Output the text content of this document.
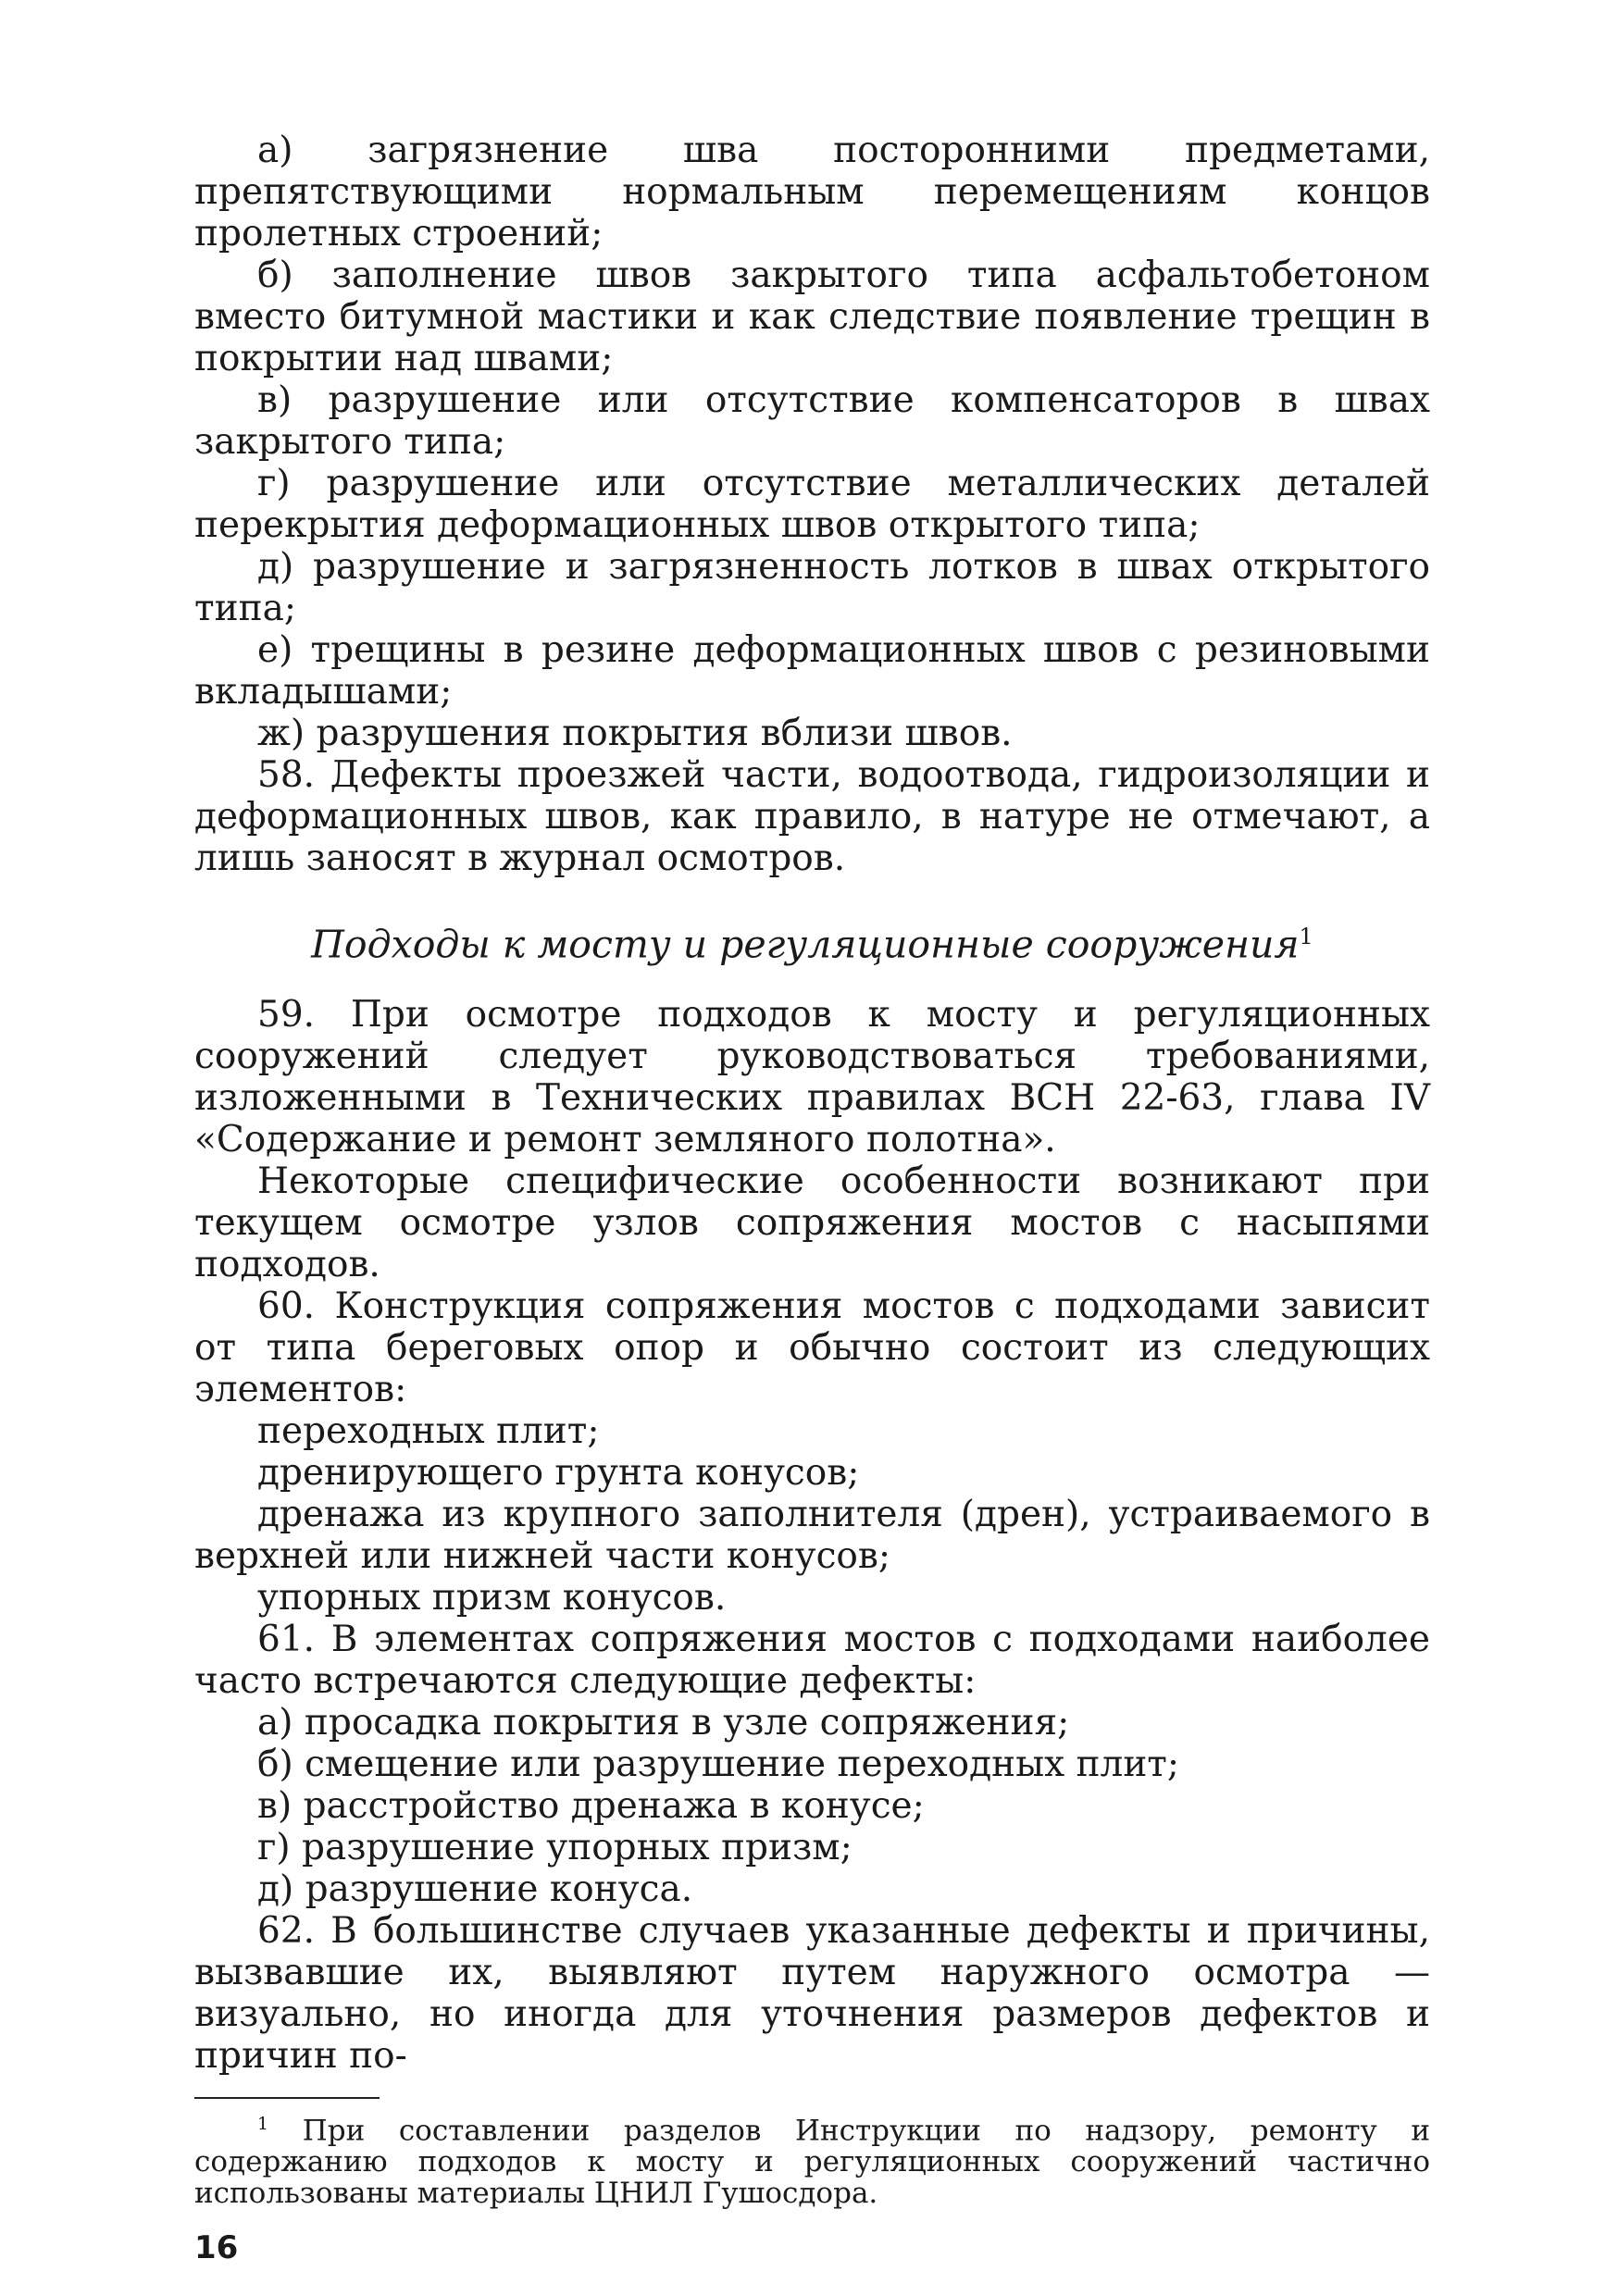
а) загрязнение шва посторонними предметами, препятствующими нормальным перемещениям концов пролетных строений;

б) заполнение швов закрытого типа асфальтобетоном вместо битумной мастики и как следствие появление трещин в покрытии над швами;

в) разрушение или отсутствие компенсаторов в швах закрытого типа;

г) разрушение или отсутствие металлических деталей перекрытия деформационных швов открытого типа;

д) разрушение и загрязненность лотков в швах открытого типа;

е) трещины в резине деформационных швов с резиновыми вкладышами;

ж) разрушения покрытия вблизи швов.

58. Дефекты проезжей части, водоотвода, гидроизоляции и деформационных швов, как правило, в натуре не отмечают, а лишь заносят в журнал осмотров.

Подходы к мосту и регуляционные сооружения$^1$

59. При осмотре подходов к мосту и регуляционных сооружений следует руководствоваться требованиями, изложенными в Технических правилах ВСН 22-63, глава IV «Содержание и ремонт земляного полотна».

Некоторые специфические особенности возникают при текущем осмотре узлов сопряжения мостов с насыпями подходов.

60. Конструкция сопряжения мостов с подходами зависит от типа береговых опор и обычно состоит из следующих элементов:

переходных плит;

дренирующего грунта конусов;

дренажа из крупного заполнителя (дрен), устраиваемого в верхней или нижней части конусов;

упорных призм конусов.

61. В элементах сопряжения мостов с подходами наиболее часто встречаются следующие дефекты:

а) просадка покрытия в узле сопряжения;

б) смещение или разрушение переходных плит;

в) расстройство дренажа в конусе;

г) разрушение упорных призм;

д) разрушение конуса.

62. В большинстве случаев указанные дефекты и причины, вызвавшие их, выявляют путем наружного осмотра — визуально, но иногда для уточнения размеров дефектов и причин по-

$^1$ При составлении разделов Инструкции по надзору, ремонту и содержанию подходов к мосту и регуляционных сооружений частично использованы материалы ЦНИЛ Гушосдора.

16
